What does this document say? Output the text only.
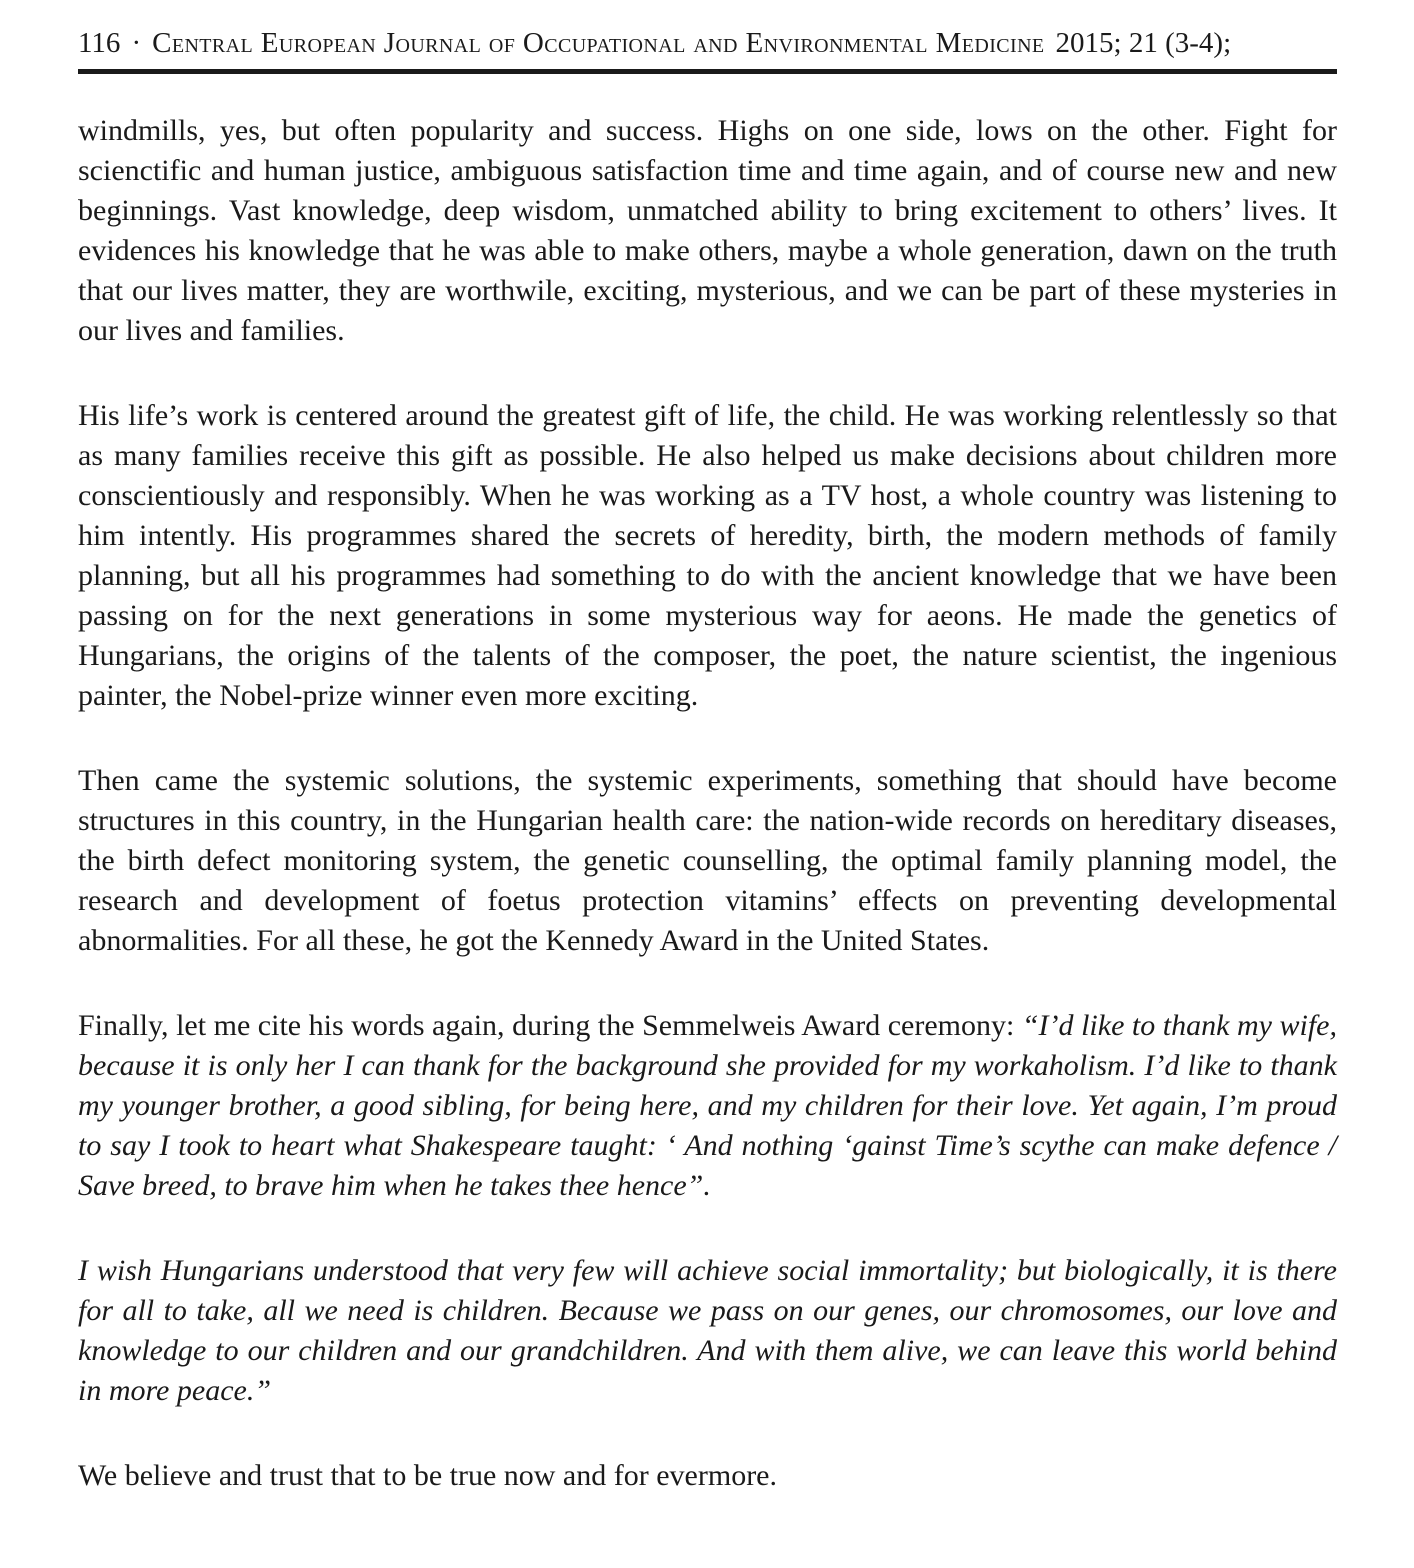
116 · Central European Journal of Occupational and Environmental Medicine 2015; 21 (3-4);

windmills, yes, but often popularity and success. Highs on one side, lows on the other. Fight for scienctific and human justice, ambiguous satisfaction time and time again, and of course new and new beginnings. Vast knowledge, deep wisdom, unmatched ability to bring excitement to others’ lives. It evidences his knowledge that he was able to make others, maybe a whole generation, dawn on the truth that our lives matter, they are worthwile, exciting, mysterious, and we can be part of these mysteries in our lives and families.

His life’s work is centered around the greatest gift of life, the child. He was working relentlessly so that as many families receive this gift as possible. He also helped us make decisions about children more conscientiously and responsibly. When he was working as a TV host, a whole country was listening to him intently. His programmes shared the secrets of heredity, birth, the modern methods of family planning, but all his programmes had something to do with the ancient knowledge that we have been passing on for the next generations in some mysterious way for aeons. He made the genetics of Hungarians, the origins of the talents of the composer, the poet, the nature scientist, the ingenious painter, the Nobel-prize winner even more exciting.

Then came the systemic solutions, the systemic experiments, something that should have become structures in this country, in the Hungarian health care: the nation-wide records on hereditary diseases, the birth defect monitoring system, the genetic counselling, the optimal family planning model, the research and development of foetus protection vitamins’ effects on preventing developmental abnormalities. For all these, he got the Kennedy Award in the United States.

Finally, let me cite his words again, during the Semmelweis Award ceremony: “I’d like to thank my wife, because it is only her I can thank for the background she provided for my workaholism. I’d like to thank my younger brother, a good sibling, for being here, and my children for their love. Yet again, I’m proud to say I took to heart what Shakespeare taught: ‘ And nothing ‘gainst Time’s scythe can make defence / Save breed, to brave him when he takes thee hence”.

I wish Hungarians understood that very few will achieve social immortality; but biologically, it is there for all to take, all we need is children. Because we pass on our genes, our chromosomes, our love and knowledge to our children and our grandchildren. And with them alive, we can leave this world behind in more peace.”

We believe and trust that to be true now and for evermore.
